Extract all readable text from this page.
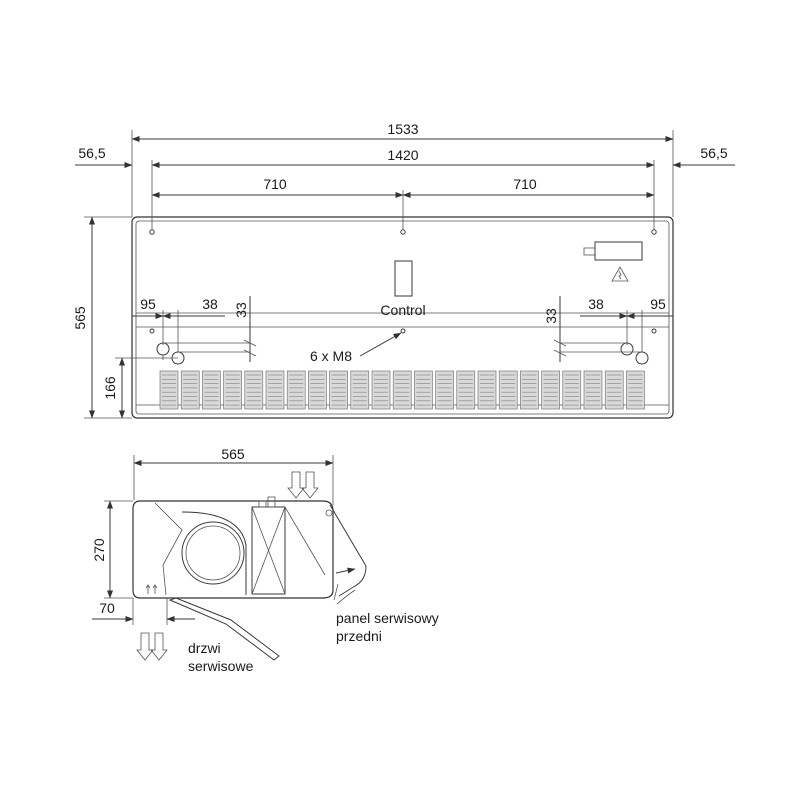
1533
56,5	1420	56,5
710	710
565
166
95	38 33	38	95
33
Control
6 x M8
565
270
70
drzwi
serwisowe
panel serwisowy
przedni
